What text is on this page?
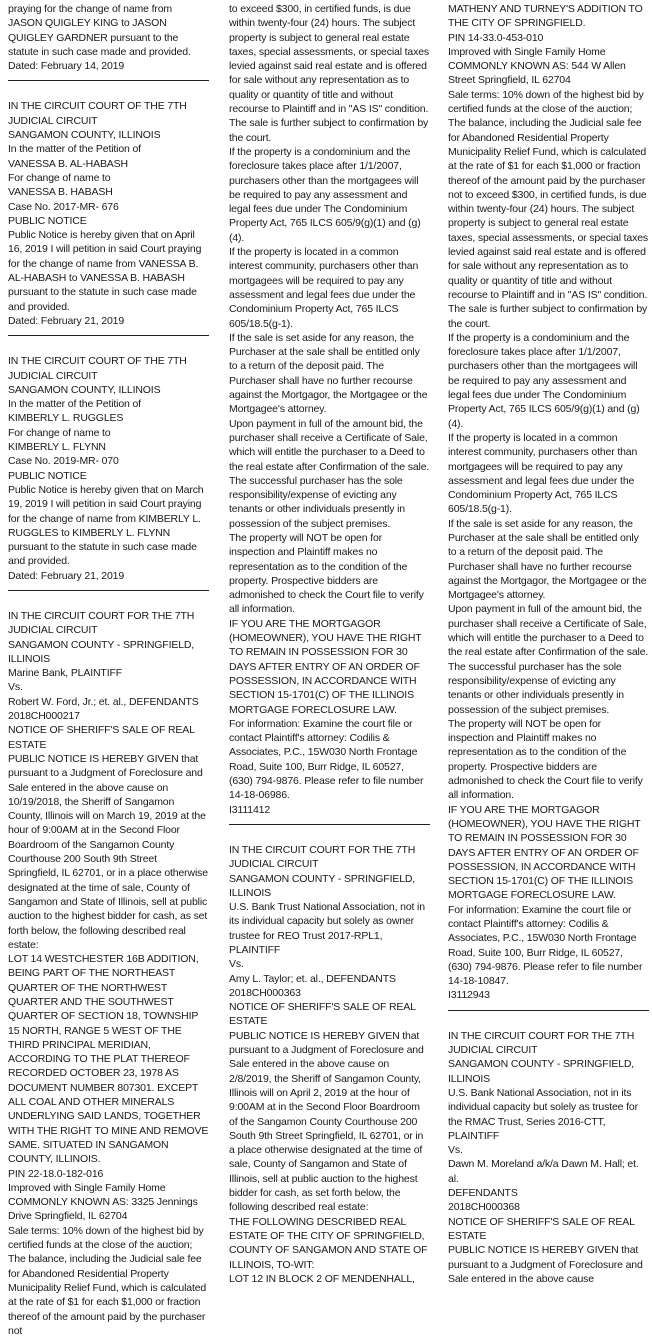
praying for the change of name from JASON QUIGLEY KING to JASON QUIGLEY GARDNER pursuant to the statute in such case made and provided.

Dated: February 14, 2019

IN THE CIRCUIT COURT OF THE 7TH JUDICIAL CIRCUIT

SANGAMON COUNTY, ILLINOIS

In the matter of the Petition of

VANESSA B. AL-HABASH

For change of name to

VANESSA B. HABASH

Case No. 2017-MR- 676

PUBLIC NOTICE

Public Notice is hereby given that on April 16, 2019 I will petition in said Court praying for the change of name from VANESSA B. AL-HABASH to VANESSA B. HABASH pursuant to the statute in such case made and provided.

Dated: February 21, 2019

IN THE CIRCUIT COURT OF THE 7TH JUDICIAL CIRCUIT

SANGAMON COUNTY, ILLINOIS

In the matter of the Petition of

KIMBERLY L. RUGGLES

For change of name to

KIMBERLY L. FLYNN

Case No. 2019-MR- 070

PUBLIC NOTICE

Public Notice is hereby given that on March 19, 2019 I will petition in said Court praying for the change of name from KIMBERLY L. RUGGLES to KIMBERLY L. FLYNN pursuant to the statute in such case made and provided.

Dated: February 21, 2019

IN THE CIRCUIT COURT FOR THE 7TH JUDICIAL CIRCUIT

SANGAMON COUNTY - SPRINGFIELD, ILLINOIS

Marine Bank, PLAINTIFF

Vs.

Robert W. Ford, Jr.; et. al., DEFENDANTS

2018CH000217

NOTICE OF SHERIFF'S SALE OF REAL ESTATE

PUBLIC NOTICE IS HEREBY GIVEN that pursuant to a Judgment of Foreclosure and Sale entered in the above cause on 10/19/2018, the Sheriff of Sangamon County, Illinois will on March 19, 2019 at the hour of 9:00AM at in the Second Floor Boardroom of the Sangamon County Courthouse 200 South 9th Street Springfield, IL 62701, or in a place otherwise designated at the time of sale, County of Sangamon and State of Illinois, sell at public auction to the highest bidder for cash, as set forth below, the following described real estate:

LOT 14 WESTCHESTER 16B ADDITION, BEING PART OF THE NORTHEAST QUARTER OF THE NORTHWEST QUARTER AND THE SOUTHWEST QUARTER OF SECTION 18, TOWNSHIP 15 NORTH, RANGE 5 WEST OF THE THIRD PRINCIPAL MERIDIAN, ACCORDING TO THE PLAT THEREOF RECORDED OCTOBER 23, 1978 AS DOCUMENT NUMBER 807301. EXCEPT ALL COAL AND OTHER MINERALS UNDERLYING SAID LANDS, TOGETHER WITH THE RIGHT TO MINE AND REMOVE SAME. SITUATED IN SANGAMON COUNTY, ILLINOIS.

PIN 22-18.0-182-016

Improved with Single Family Home

COMMONLY KNOWN AS: 3325 Jennings Drive Springfield, IL 62704

Sale terms: 10% down of the highest bid by certified funds at the close of the auction; The balance, including the Judicial sale fee for Abandoned Residential Property Municipality Relief Fund, which is calculated at the rate of $1 for each $1,000 or fraction thereof of the amount paid by the purchaser not

to exceed $300, in certified funds, is due within twenty-four (24) hours. The subject property is subject to general real estate taxes, special assessments, or special taxes levied against said real estate and is offered for sale without any representation as to quality or quantity of title and without recourse to Plaintiff and in "AS IS" condition. The sale is further subject to confirmation by the court.

If the property is a condominium and the foreclosure takes place after 1/1/2007, purchasers other than the mortgagees will be required to pay any assessment and legal fees due under The Condominium Property Act, 765 ILCS 605/9(g)(1) and (g)(4).

If the property is located in a common interest community, purchasers other than mortgagees will be required to pay any assessment and legal fees due under the Condominium Property Act, 765 ILCS 605/18.5(g-1).

If the sale is set aside for any reason, the Purchaser at the sale shall be entitled only to a return of the deposit paid. The Purchaser shall have no further recourse against the Mortgagor, the Mortgagee or the Mortgagee's attorney.

Upon payment in full of the amount bid, the purchaser shall receive a Certificate of Sale, which will entitle the purchaser to a Deed to the real estate after Confirmation of the sale. The successful purchaser has the sole responsibility/expense of evicting any tenants or other individuals presently in possession of the subject premises.

The property will NOT be open for inspection and Plaintiff makes no representation as to the condition of the property. Prospective bidders are admonished to check the Court file to verify all information.

IF YOU ARE THE MORTGAGOR (HOMEOWNER), YOU HAVE THE RIGHT TO REMAIN IN POSSESSION FOR 30 DAYS AFTER ENTRY OF AN ORDER OF POSSESSION, IN ACCORDANCE WITH SECTION 15-1701(C) OF THE ILLINOIS MORTGAGE FORECLOSURE LAW.

For information: Examine the court file or contact Plaintiff's attorney: Codilis & Associates, P.C., 15W030 North Frontage Road, Suite 100, Burr Ridge, IL 60527, (630) 794-9876. Please refer to file number 14-18-06986.

I3111412

IN THE CIRCUIT COURT FOR THE 7TH JUDICIAL CIRCUIT

SANGAMON COUNTY - SPRINGFIELD, ILLINOIS

U.S. Bank Trust National Association, not in its individual capacity but solely as owner trustee for REO Trust 2017-RPL1, PLAINTIFF

Vs.

Amy L. Taylor; et. al., DEFENDANTS

2018CH000363

NOTICE OF SHERIFF'S SALE OF REAL ESTATE

PUBLIC NOTICE IS HEREBY GIVEN that pursuant to a Judgment of Foreclosure and Sale entered in the above cause on 2/8/2019, the Sheriff of Sangamon County, Illinois will on April 2, 2019 at the hour of 9:00AM at in the Second Floor Boardroom of the Sangamon County Courthouse 200 South 9th Street Springfield, IL 62701, or in a place otherwise designated at the time of sale, County of Sangamon and State of Illinois, sell at public auction to the highest bidder for cash, as set forth below, the following described real estate:

THE FOLLOWING DESCRIBED REAL ESTATE OF THE CITY OF SPRINGFIELD, COUNTY OF SANGAMON AND STATE OF ILLINOIS, TO-WIT:

LOT 12 IN BLOCK 2 OF MENDENHALL,

MATHENY AND TURNEY'S ADDITION TO THE CITY OF SPRINGFIELD.

PIN 14-33.0-453-010

Improved with Single Family Home

COMMONLY KNOWN AS: 544 W Allen Street Springfield, IL 62704

Sale terms: 10% down of the highest bid by certified funds at the close of the auction; The balance, including the Judicial sale fee for Abandoned Residential Property Municipality Relief Fund, which is calculated at the rate of $1 for each $1,000 or fraction thereof of the amount paid by the purchaser not to exceed $300, in certified funds, is due within twenty-four (24) hours. The subject property is subject to general real estate taxes, special assessments, or special taxes levied against said real estate and is offered for sale without any representation as to quality or quantity of title and without recourse to Plaintiff and in "AS IS" condition. The sale is further subject to confirmation by the court.

If the property is a condominium and the foreclosure takes place after 1/1/2007, purchasers other than the mortgagees will be required to pay any assessment and legal fees due under The Condominium Property Act, 765 ILCS 605/9(g)(1) and (g)(4).

If the property is located in a common interest community, purchasers other than mortgagees will be required to pay any assessment and legal fees due under the Condominium Property Act, 765 ILCS 605/18.5(g-1).

If the sale is set aside for any reason, the Purchaser at the sale shall be entitled only to a return of the deposit paid. The Purchaser shall have no further recourse against the Mortgagor, the Mortgagee or the Mortgagee's attorney.

Upon payment in full of the amount bid, the purchaser shall receive a Certificate of Sale, which will entitle the purchaser to a Deed to the real estate after Confirmation of the sale. The successful purchaser has the sole responsibility/expense of evicting any tenants or other individuals presently in possession of the subject premises.

The property will NOT be open for inspection and Plaintiff makes no representation as to the condition of the property. Prospective bidders are admonished to check the Court file to verify all information.

IF YOU ARE THE MORTGAGOR (HOMEOWNER), YOU HAVE THE RIGHT TO REMAIN IN POSSESSION FOR 30 DAYS AFTER ENTRY OF AN ORDER OF POSSESSION, IN ACCORDANCE WITH SECTION 15-1701(C) OF THE ILLINOIS MORTGAGE FORECLOSURE LAW.

For information: Examine the court file or contact Plaintiff's attorney: Codilis & Associates, P.C., 15W030 North Frontage Road, Suite 100, Burr Ridge, IL 60527, (630) 794-9876. Please refer to file number 14-18-10847.

I3112943

IN THE CIRCUIT COURT FOR THE 7TH JUDICIAL CIRCUIT

SANGAMON COUNTY - SPRINGFIELD, ILLINOIS

U.S. Bank National Association, not in its individual capacity but solely as trustee for the RMAC Trust, Series 2016-CTT, PLAINTIFF

Vs.

Dawn M. Moreland a/k/a Dawn M. Hall; et. al.

DEFENDANTS

2018CH000368

NOTICE OF SHERIFF'S SALE OF REAL ESTATE

PUBLIC NOTICE IS HEREBY GIVEN that pursuant to a Judgment of Foreclosure and Sale entered in the above cause
